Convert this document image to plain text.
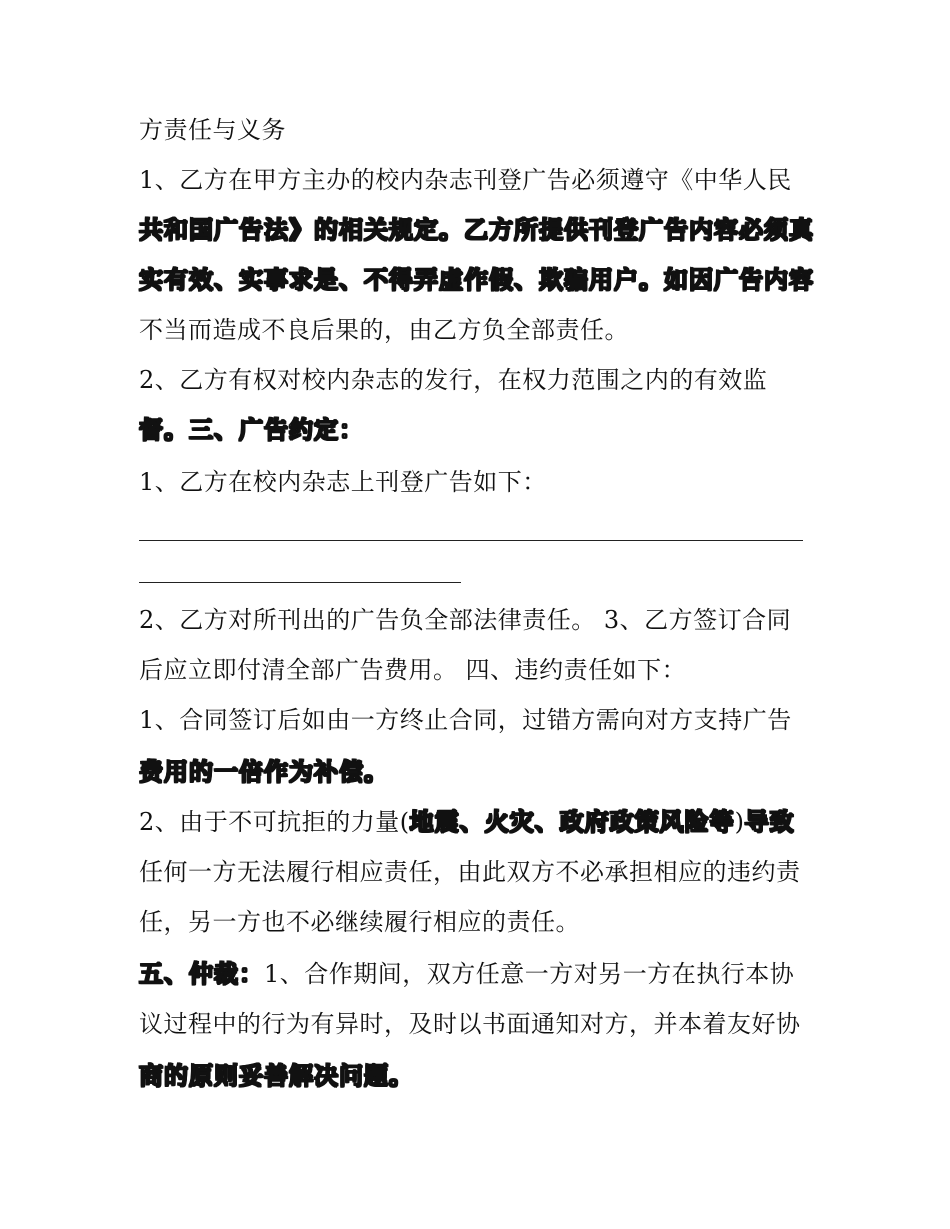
方责任与义务
1、乙方在甲方主办的校内杂志刊登广告必须遵守《中华人民
共和国广告法》的相关规定。乙方所提供刊登广告内容必须真
实有效、实事求是、不得弄虚作假、欺骗用户。如因广告内容
不当而造成不良后果的，由乙方负全部责任。
2、乙方有权对校内杂志的发行，在权力范围之内的有效监
督。三、广告约定：
1、乙方在校内杂志上刊登广告如下：
2、乙方对所刊出的广告负全部法律责任。 3、乙方签订合同
后应立即付清全部广告费用。 四、违约责任如下：
1、合同签订后如由一方终止合同，过错方需向对方支持广告
费用的一倍作为补偿。
2、由于不可抗拒的力量(地震、火灾、政府政策风险等)导致
任何一方无法履行相应责任，由此双方不必承担相应的违约责
任，另一方也不必继续履行相应的责任。
五、仲裁：1、合作期间，双方任意一方对另一方在执行本协
议过程中的行为有异时，及时以书面通知对方，并本着友好协
商的原则妥善解决问题。
